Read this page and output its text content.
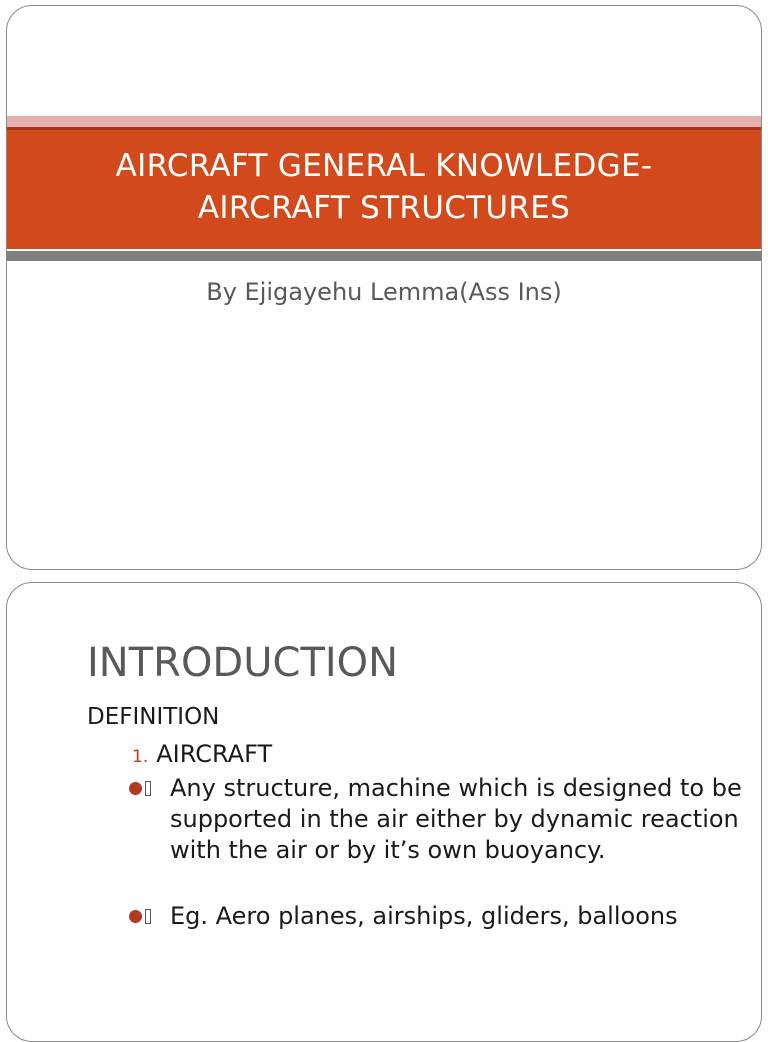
AIRCRAFT GENERAL KNOWLEDGE-
AIRCRAFT STRUCTURES
By Ejigayehu Lemma(Ass Ins)
INTRODUCTION
DEFINITION
1. AIRCRAFT
Any structure, machine which is designed to be supported in the air either by dynamic reaction with the air or by it’s own buoyancy.
Eg. Aero planes, airships, gliders, balloons
